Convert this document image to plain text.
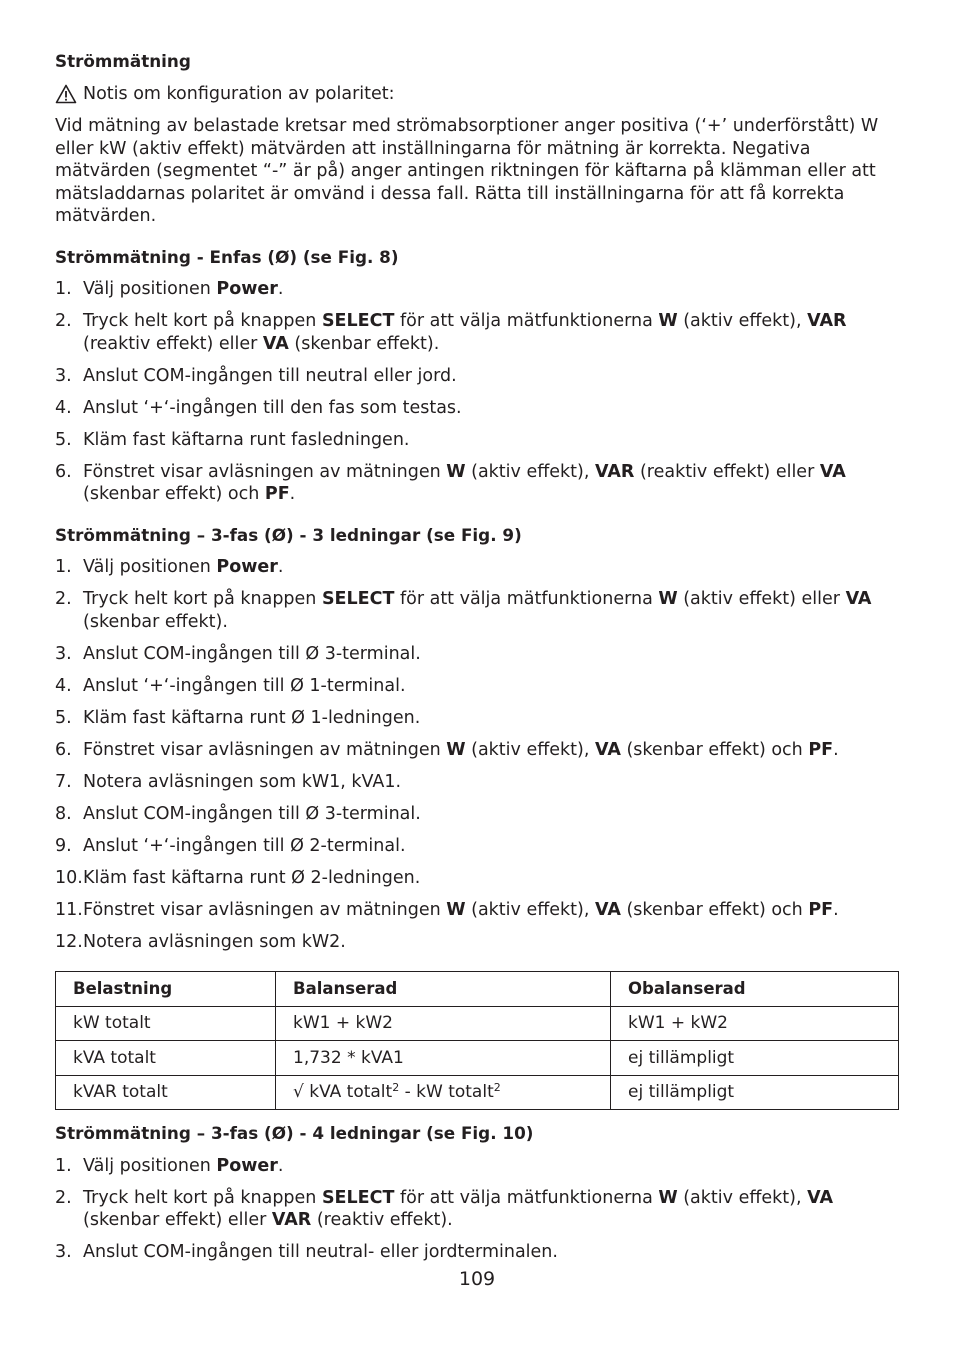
Strömmätning

Notis om konfiguration av polaritet:

Vid mätning av belastade kretsar med strömabsorptioner anger positiva (‘+’ underförstått) W eller kW (aktiv effekt) mätvärden att inställningarna för mätning är korrekta. Negativa mätvärden (segmentet “-” är på) anger antingen riktningen för käftarna på klämman eller att mätsladdarnas polaritet är omvänd i dessa fall. Rätta till inställningarna för att få korrekta mätvärden.

Strömmätning - Enfas (Ø) (se Fig. 8)

1. Välj positionen Power.
2. Tryck helt kort på knappen SELECT för att välja mätfunktionerna W (aktiv effekt), VAR (reaktiv effekt) eller VA (skenbar effekt).
3. Anslut COM-ingången till neutral eller jord.
4. Anslut ‘+‘-ingången till den fas som testas.
5. Kläm fast käftarna runt fasledningen.
6. Fönstret visar avläsningen av mätningen W (aktiv effekt), VAR (reaktiv effekt) eller VA (skenbar effekt) och PF.

Strömmätning – 3-fas (Ø) - 3 ledningar (se Fig. 9)

1. Välj positionen Power.
2. Tryck helt kort på knappen SELECT för att välja mätfunktionerna W (aktiv effekt) eller VA (skenbar effekt).
3. Anslut COM-ingången till Ø 3-terminal.
4. Anslut ‘+‘-ingången till Ø 1-terminal.
5. Kläm fast käftarna runt Ø 1-ledningen.
6. Fönstret visar avläsningen av mätningen W (aktiv effekt), VA (skenbar effekt) och PF.
7. Notera avläsningen som kW1, kVA1.
8. Anslut COM-ingången till Ø 3-terminal.
9. Anslut ‘+‘-ingången till Ø 2-terminal.
10. Kläm fast käftarna runt Ø 2-ledningen.
11. Fönstret visar avläsningen av mätningen W (aktiv effekt), VA (skenbar effekt) och PF.
12. Notera avläsningen som kW2.
Belastning	Balanserad	Obalanserad
kW totalt	kW1 + kW2	kW1 + kW2
kVA totalt	1,732 * kVA1	ej tillämpligt
kVAR totalt	√ kVA totalt$^2$ - kW totalt$^2$	ej tillämpligt

Strömmätning – 3-fas (Ø) - 4 ledningar (se Fig. 10)

1. Välj positionen Power.
2. Tryck helt kort på knappen SELECT för att välja mätfunktionerna W (aktiv effekt), VA (skenbar effekt) eller VAR (reaktiv effekt).
3. Anslut COM-ingången till neutral- eller jordterminalen.
109
